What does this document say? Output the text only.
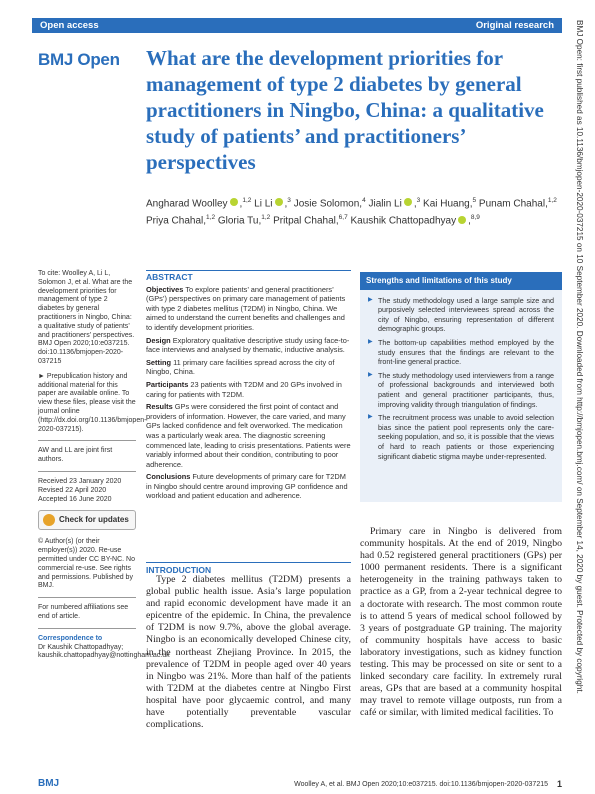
Open access	Original research
BMJ Open What are the development priorities for management of type 2 diabetes by general practitioners in Ningbo, China: a qualitative study of patients’ and practitioners’ perspectives
Angharad Woolley ,$^{1,2}$ Li Li ,$^3$ Josie Solomon,$^4$ Jialin Li ,$^3$ Kai Huang,$^5$ Punam Chahal,$^{1,2}$ Priya Chahal,$^{1,2}$ Gloria Tu,$^{1,2}$ Pritpal Chahal,$^{6,7}$ Kaushik Chattopadhyay ,$^{8,9}$
To cite: Woolley A, Li L, Solomon J, et al. What are the development priorities for management of type 2 diabetes by general practitioners in Ningbo, China: a qualitative study of patients’ and practitioners’ perspectives. BMJ Open 2020;10:e037215. doi:10.1136/bmjopen-2020-037215
► Prepublication history and additional material for this paper are available online. To view these files, please visit the journal online (http://dx.doi.org/10.1136/bmjopen-2020-037215).
AW and LL are joint first authors.
Received 23 January 2020
Revised 22 April 2020
Accepted 16 June 2020
Check for updates
© Author(s) (or their employer(s)) 2020. Re-use permitted under CC BY-NC. No commercial re-use. See rights and permissions. Published by BMJ.
For numbered affiliations see end of article.
Correspondence to
Dr Kaushik Chattopadhyay; kaushik.chattopadhyay@nottingham.ac.uk
ABSTRACT

Objectives To explore patients’ and general practitioners’ (GPs’) perspectives on primary care management of patients with type 2 diabetes mellitus (T2DM) in Ningbo, China. We aimed to understand the current benefits and challenges and to identify development priorities.

Design Exploratory qualitative descriptive study using face-to-face interviews and analysed by thematic, inductive analysis.

Setting 11 primary care facilities spread across the city of Ningbo, China.

Participants 23 patients with T2DM and 20 GPs involved in caring for patients with T2DM.

Results GPs were considered the first point of contact and providers of information. However, the care varied, and many GPs lacked confidence and felt overworked. The medication was a particularly weak area. The diagnostic screening commenced late, leading to crisis presentations. Patients were variably informed about their condition, contributing to poor adherence.

Conclusions Future developments of primary care for T2DM in Ningbo should centre around improving GP confidence and workload and patient education and adherence.

Strengths and limitations of this study
▶ The study methodology used a large sample size and purposively selected interviewees spread across the city of Ningbo, ensuring representation of different demographic groups.
▶ The bottom-up capabilities method employed by the study ensures that the findings are relevant to the front-line general practice.
▶ The study methodology used interviewers from a range of professional backgrounds and interviewed both patient and general practitioner participants, thus, improving validity through triangulation of findings.
▶ The recruitment process was unable to avoid selection bias since the patient pool represents only the care-seeking population, and so, it is possible that the views of hard to reach patients or those experiencing significant diabetic stigma maybe under-represented.
INTRODUCTION

Type 2 diabetes mellitus (T2DM) presents a global public health issue. Asia’s large population and rapid economic development have made it an epicentre of the epidemic. In China, the prevalence of T2DM is now 9.7%, above the global average. Ningbo is an economically developed Chinese city, in the northeast Zhejiang Province. In 2015, the prevalence of T2DM in people aged over 40 years in Ningbo was 21%. More than half of the patients with T2DM at the diabetes centre at Ningbo First hospital have poor glycaemic control, and many have potentially preventable vascular complications.

Primary care in Ningbo is delivered from community hospitals. At the end of 2019, Ningbo had 0.52 registered general practitioners (GPs) per 1000 permanent residents. There is a significant heterogeneity in the training pathways taken to practice as a GP, from a 2-year technical degree to a doctorate with research. The most common route is to attend 5 years of medical school followed by 3 years of postgraduate GP training. The majority of community hospitals have access to basic laboratory investigations, such as kidney function testing. This may be processed on site or sent to a linked secondary care facility. In extremely rural areas, GPs that are based at a community hospital may travel to remote village outposts, run from a café or similar, with limited medical facilities. To

BMJ	Woolley A, et al. BMJ Open 2020;10:e037215. doi:10.1136/bmjopen-2020-037215 1
BMJ Open: first published as 10.1136/bmjopen-2020-037215 on 10 September 2020. Downloaded from http://bmjopen.bmj.com/ on September 14, 2020 by guest. Protected by copyright.
